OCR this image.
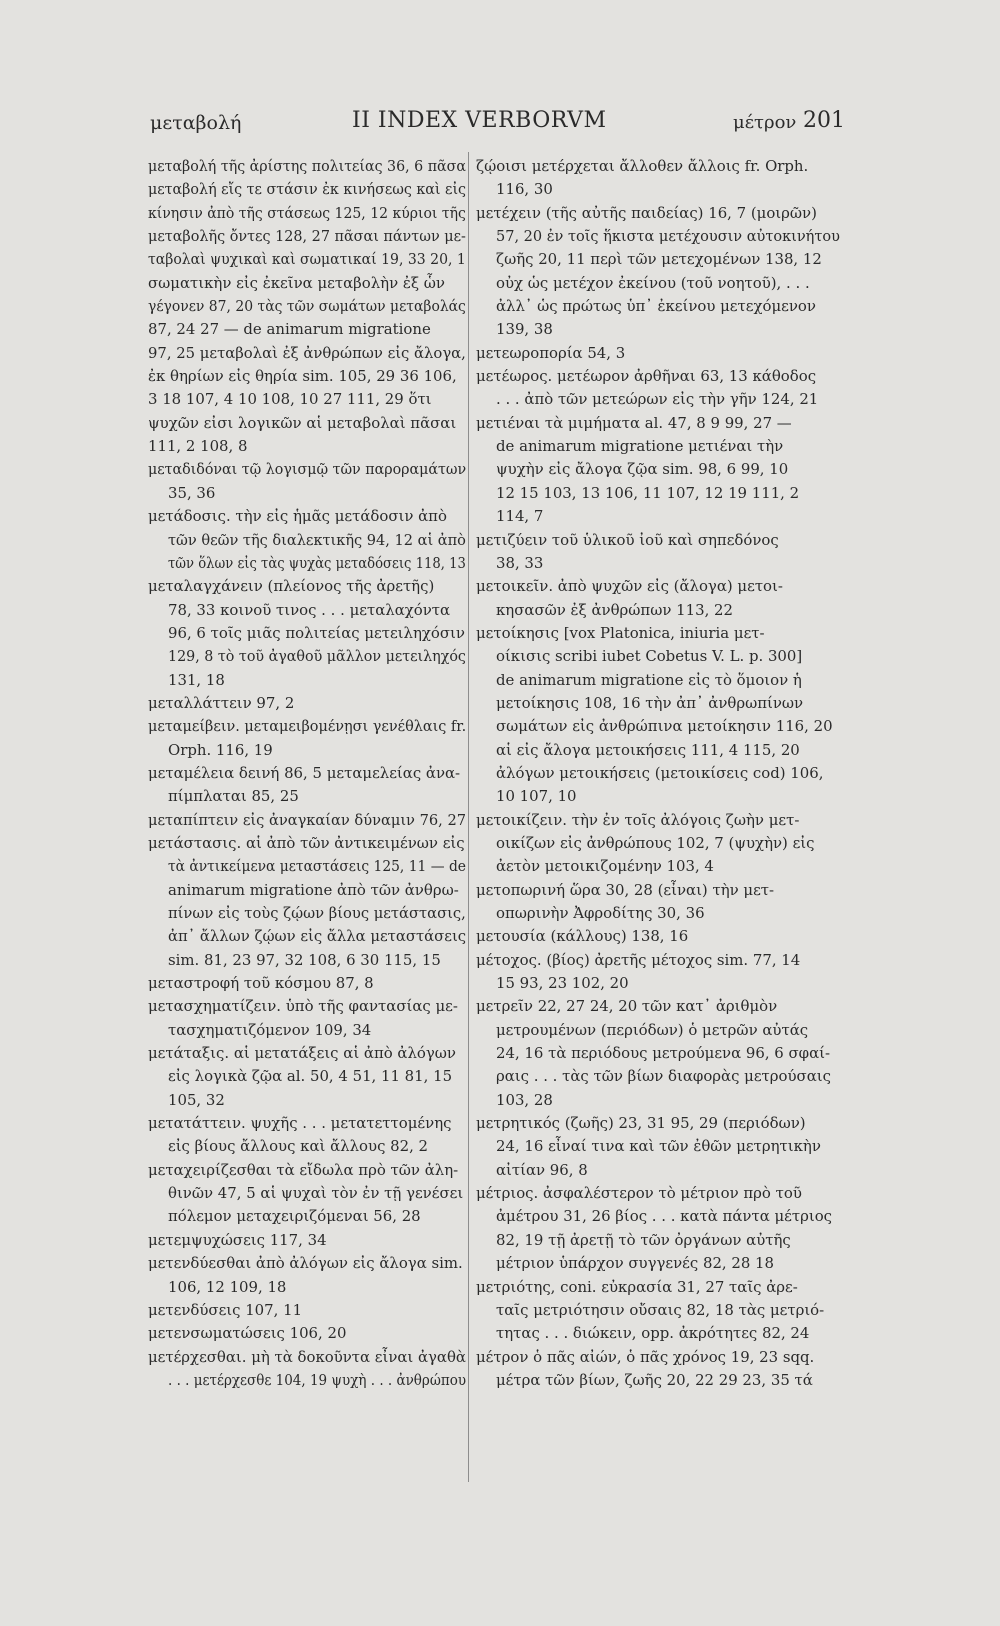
μεταβολή	II INDEX VERBORVM	μέτρον 201
μεταβολή τῆς ἀρίστης πολιτείας 36, 6 πᾶσα
μεταβολή εἴς τε στάσιν ἐκ κινήσεως καὶ εἰς
κίνησιν ἀπὸ τῆς στάσεως 125, 12 κύριοι τῆς
μεταβολῆς ὄντες 128, 27 πᾶσαι πάντων με-
ταβολαὶ ψυχικαὶ καὶ σωματικαί 19, 33 20, 1
σωματικὴν εἰς ἐκεῖνα μεταβολὴν ἐξ ὧν
γέγονεν 87, 20 τὰς τῶν σωμάτων μεταβολάς
87, 24 27 — de animarum migratione
97, 25 μεταβολαὶ ἐξ ἀνθρώπων εἰς ἄλογα,
ἐκ θηρίων εἰς θηρία sim. 105, 29 36 106,
3 18 107, 4 10 108, 10 27 111, 29 ὅτι
ψυχῶν εἰσι λογικῶν αἱ μεταβολαὶ πᾶσαι
111, 2 108, 8
μεταδιδόναι τῷ λογισμῷ τῶν παροραμάτων
35, 36
μετάδοσις. τὴν εἰς ἡμᾶς μετάδοσιν ἀπὸ
τῶν θεῶν τῆς διαλεκτικῆς 94, 12 αἱ ἀπὸ
τῶν ὅλων εἰς τὰς ψυχὰς μεταδόσεις 118, 13
μεταλαγχάνειν (πλείονος τῆς ἀρετῆς)
78, 33 κοινοῦ τινος . . . μεταλαχόντα
96, 6 τοῖς μιᾶς πολιτείας μετειληχόσιν
129, 8 τὸ τοῦ ἀγαθοῦ μᾶλλον μετειληχός
131, 18
μεταλλάττειν 97, 2
μεταμείβειν. μεταμειβομένῃσι γενέθλαις fr.
Orph. 116, 19
μεταμέλεια δεινή 86, 5 μεταμελείας ἀνα-
πίμπλαται 85, 25
μεταπίπτειν εἰς ἀναγκαίαν δύναμιν 76, 27
μετάστασις. αἱ ἀπὸ τῶν ἀντικειμένων εἰς
τὰ ἀντικείμενα μεταστάσεις 125, 11 — de
animarum migratione ἀπὸ τῶν ἀνθρω-
πίνων εἰς τοὺς ζῴων βίους μετάστασις,
ἀπ᾽ ἄλλων ζῴων εἰς ἄλλα μεταστάσεις
sim. 81, 23 97, 32 108, 6 30 115, 15
μεταστροφή τοῦ κόσμου 87, 8
μετασχηματίζειν. ὑπὸ τῆς φαντασίας με-
τασχηματιζόμενον 109, 34
μετάταξις. αἱ μετατάξεις αἱ ἀπὸ ἀλόγων
εἰς λογικὰ ζῷα al. 50, 4 51, 11 81, 15
105, 32
μετατάττειν. ψυχῆς . . . μετατεττομένης
εἰς βίους ἄλλους καὶ ἄλλους 82, 2
μεταχειρίζεσθαι τὰ εἴδωλα πρὸ τῶν ἀλη-
θινῶν 47, 5 αἱ ψυχαὶ τὸν ἐν τῇ γενέσει
πόλεμον μεταχειριζόμεναι 56, 28
μετεμψυχώσεις 117, 34
μετενδύεσθαι ἀπὸ ἀλόγων εἰς ἄλογα sim.
106, 12 109, 18
μετενδύσεις 107, 11
μετενσωματώσεις 106, 20
μετέρχεσθαι. μὴ τὰ δοκοῦντα εἶναι ἀγαθὰ
. . . μετέρχεσθε 104, 19 ψυχὴ . . . ἀνθρώπου
ζῴοισι μετέρχεται ἄλλοθεν ἄλλοις fr. Orph.
116, 30
μετέχειν (τῆς αὐτῆς παιδείας) 16, 7 (μοιρῶν)
57, 20 ἐν τοῖς ἥκιστα μετέχουσιν αὐτοκινήτου
ζωῆς 20, 11 περὶ τῶν μετεχομένων 138, 12
οὐχ ὡς μετέχον ἐκείνου (τοῦ νοητοῦ), . . .
ἀλλ᾽ ὡς πρώτως ὑπ᾽ ἐκείνου μετεχόμενον
139, 38
μετεωροπορία 54, 3
μετέωρος. μετέωρον ἀρθῆναι 63, 13 κάθοδος
. . . ἀπὸ τῶν μετεώρων εἰς τὴν γῆν 124, 21
μετιέναι τὰ μιμήματα al. 47, 8 9 99, 27 —
de animarum migratione μετιέναι τὴν
ψυχὴν εἰς ἄλογα ζῷα sim. 98, 6 99, 10
12 15 103, 13 106, 11 107, 12 19 111, 2
114, 7
μετιζύειν τοῦ ὑλικοῦ ἰοῦ καὶ σηπεδόνος
38, 33
μετοικεῖν. ἀπὸ ψυχῶν εἰς (ἄλογα) μετοι-
κησασῶν ἐξ ἀνθρώπων 113, 22
μετοίκησις [vox Platonica, iniuria μετ-
οίκισις scribi iubet Cobetus V. L. p. 300]
de animarum migratione εἰς τὸ ὅμοιον ἡ
μετοίκησις 108, 16 τὴν ἀπ᾽ ἀνθρωπίνων
σωμάτων εἰς ἀνθρώπινα μετοίκησιν 116, 20
αἱ εἰς ἄλογα μετοικήσεις 111, 4 115, 20
ἀλόγων μετοικήσεις (μετοικίσεις cod) 106,
10 107, 10
μετοικίζειν. τὴν ἐν τοῖς ἀλόγοις ζωὴν μετ-
οικίζων εἰς ἀνθρώπους 102, 7 (ψυχὴν) εἰς
ἀετὸν μετοικιζομένην 103, 4
μετοπωρινή ὥρα 30, 28 (εἶναι) τὴν μετ-
οπωρινὴν Ἀφροδίτης 30, 36
μετουσία (κάλλους) 138, 16
μέτοχος. (βίος) ἀρετῆς μέτοχος sim. 77, 14
15 93, 23 102, 20
μετρεῖν 22, 27 24, 20 τῶν κατ᾽ ἀριθμὸν
μετρουμένων (περιόδων) ὁ μετρῶν αὐτάς
24, 16 τὰ περιόδους μετρούμενα 96, 6 σφαί-
ραις . . . τὰς τῶν βίων διαφορὰς μετρούσαις
103, 28
μετρητικός (ζωῆς) 23, 31 95, 29 (περιόδων)
24, 16 εἶναί τινα καὶ τῶν ἐθῶν μετρητικὴν
αἰτίαν 96, 8
μέτριος. ἀσφαλέστερον τὸ μέτριον πρὸ τοῦ
ἀμέτρου 31, 26 βίος . . . κατὰ πάντα μέτριος
82, 19 τῇ ἀρετῇ τὸ τῶν ὀργάνων αὐτῆς
μέτριον ὑπάρχον συγγενές 82, 28 18
μετριότης, coni. εὐκρασία 31, 27 ταῖς ἀρε-
ταῖς μετριότησιν οὔσαις 82, 18 τὰς μετριό-
τητας . . . διώκειν, opp. ἀκρότητες 82, 24
μέτρον ὁ πᾶς αἰών, ὁ πᾶς χρόνος 19, 23 sqq.
μέτρα τῶν βίων, ζωῆς 20, 22 29 23, 35 τά
